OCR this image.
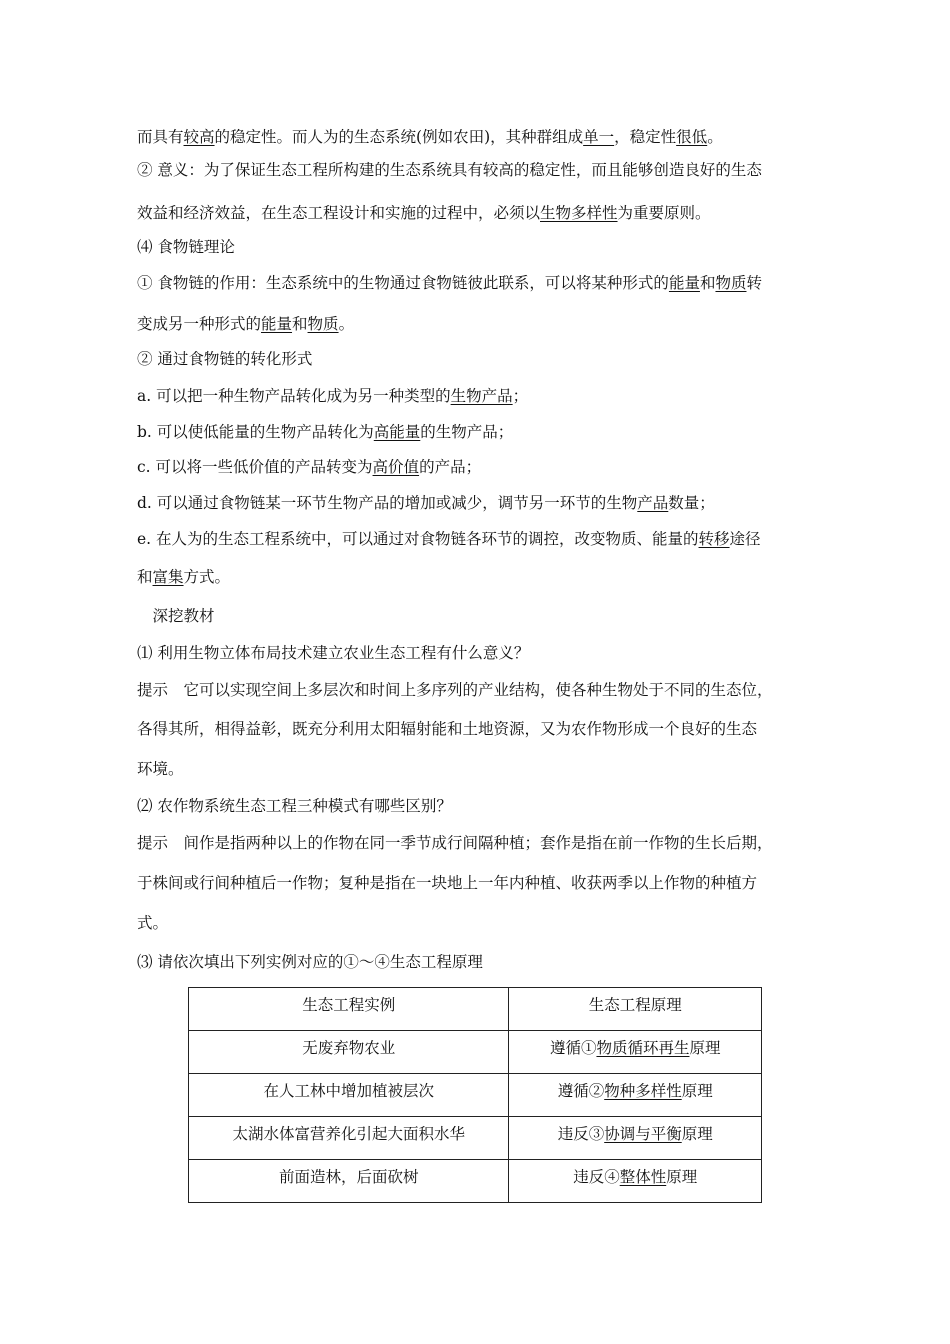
而具有较高的稳定性。而人为的生态系统(例如农田)，其种群组成单一，稳定性很低。

② 意义：为了保证生态工程所构建的生态系统具有较高的稳定性，而且能够创造良好的生态

效益和经济效益，在生态工程设计和实施的过程中，必须以生物多样性为重要原则。

⑷ 食物链理论

① 食物链的作用：生态系统中的生物通过食物链彼此联系，可以将某种形式的能量和物质转

变成另一种形式的能量和物质。

② 通过食物链的转化形式

a. 可以把一种生物产品转化成为另一种类型的生物产品；

b. 可以使低能量的生物产品转化为高能量的生物产品；

c. 可以将一些低价值的产品转变为高价值的产品；

d. 可以通过食物链某一环节生物产品的增加或减少，调节另一环节的生物产品数量；

e. 在人为的生态工程系统中，可以通过对食物链各环节的调控，改变物质、能量的转移途径

和富集方式。

　深挖教材

⑴ 利用生物立体布局技术建立农业生态工程有什么意义？

提示　它可以实现空间上多层次和时间上多序列的产业结构，使各种生物处于不同的生态位，

各得其所，相得益彰，既充分利用太阳辐射能和土地资源，又为农作物形成一个良好的生态

环境。

⑵ 农作物系统生态工程三种模式有哪些区别？

提示　间作是指两种以上的作物在同一季节成行间隔种植；套作是指在前一作物的生长后期，

于株间或行间种植后一作物；复种是指在一块地上一年内种植、收获两季以上作物的种植方

式。

⑶ 请依次填出下列实例对应的①～④生态工程原理

生态工程实例	生态工程原理
无废弃物农业	遵循①物质循环再生原理
在人工林中增加植被层次	遵循②物种多样性原理
太湖水体富营养化引起大面积水华	违反③协调与平衡原理
前面造林，后面砍树	违反④整体性原理
